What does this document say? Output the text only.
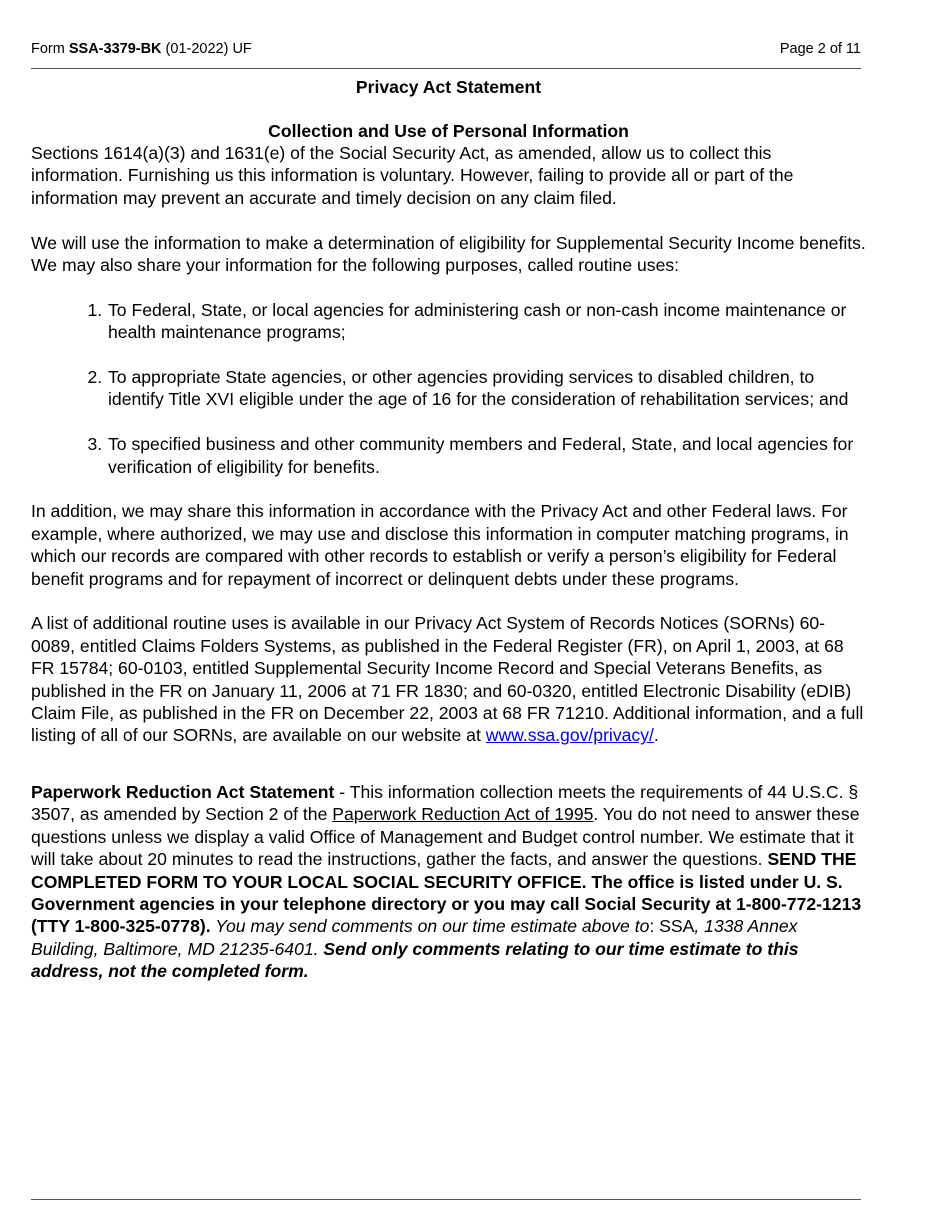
Form SSA-3379-BK (01-2022) UF	Page 2 of 11
Privacy Act Statement
Collection and Use of Personal Information

Sections 1614(a)(3) and 1631(e) of the Social Security Act, as amended, allow us to collect this information. Furnishing us this information is voluntary. However, failing to provide all or part of the information may prevent an accurate and timely decision on any claim filed.

We will use the information to make a determination of eligibility for Supplemental Security Income benefits. We may also share your information for the following purposes, called routine uses:

1. To Federal, State, or local agencies for administering cash or non-cash income maintenance or health maintenance programs;
2. To appropriate State agencies, or other agencies providing services to disabled children, to identify Title XVI eligible under the age of 16 for the consideration of rehabilitation services; and
3. To specified business and other community members and Federal, State, and local agencies for verification of eligibility for benefits.

In addition, we may share this information in accordance with the Privacy Act and other Federal laws. For example, where authorized, we may use and disclose this information in computer matching programs, in which our records are compared with other records to establish or verify a person’s eligibility for Federal benefit programs and for repayment of incorrect or delinquent debts under these programs.

A list of additional routine uses is available in our Privacy Act System of Records Notices (SORNs) 60-0089, entitled Claims Folders Systems, as published in the Federal Register (FR), on April 1, 2003, at 68 FR 15784; 60-0103, entitled Supplemental Security Income Record and Special Veterans Benefits, as published in the FR on January 11, 2006 at 71 FR 1830; and 60-0320, entitled Electronic Disability (eDIB) Claim File, as published in the FR on December 22, 2003 at 68 FR 71210. Additional information, and a full listing of all of our SORNs, are available on our website at www.ssa.gov/privacy/.

Paperwork Reduction Act Statement - This information collection meets the requirements of 44 U.S.C. § 3507, as amended by Section 2 of the Paperwork Reduction Act of 1995. You do not need to answer these questions unless we display a valid Office of Management and Budget control number. We estimate that it will take about 20 minutes to read the instructions, gather the facts, and answer the questions. SEND THE COMPLETED FORM TO YOUR LOCAL SOCIAL SECURITY OFFICE. The office is listed under U. S. Government agencies in your telephone directory or you may call Social Security at 1-800-772-1213 (TTY 1-800-325-0778). You may send comments on our time estimate above to: SSA, 1338 Annex Building, Baltimore, MD 21235-6401. Send only comments relating to our time estimate to this address, not the completed form.
